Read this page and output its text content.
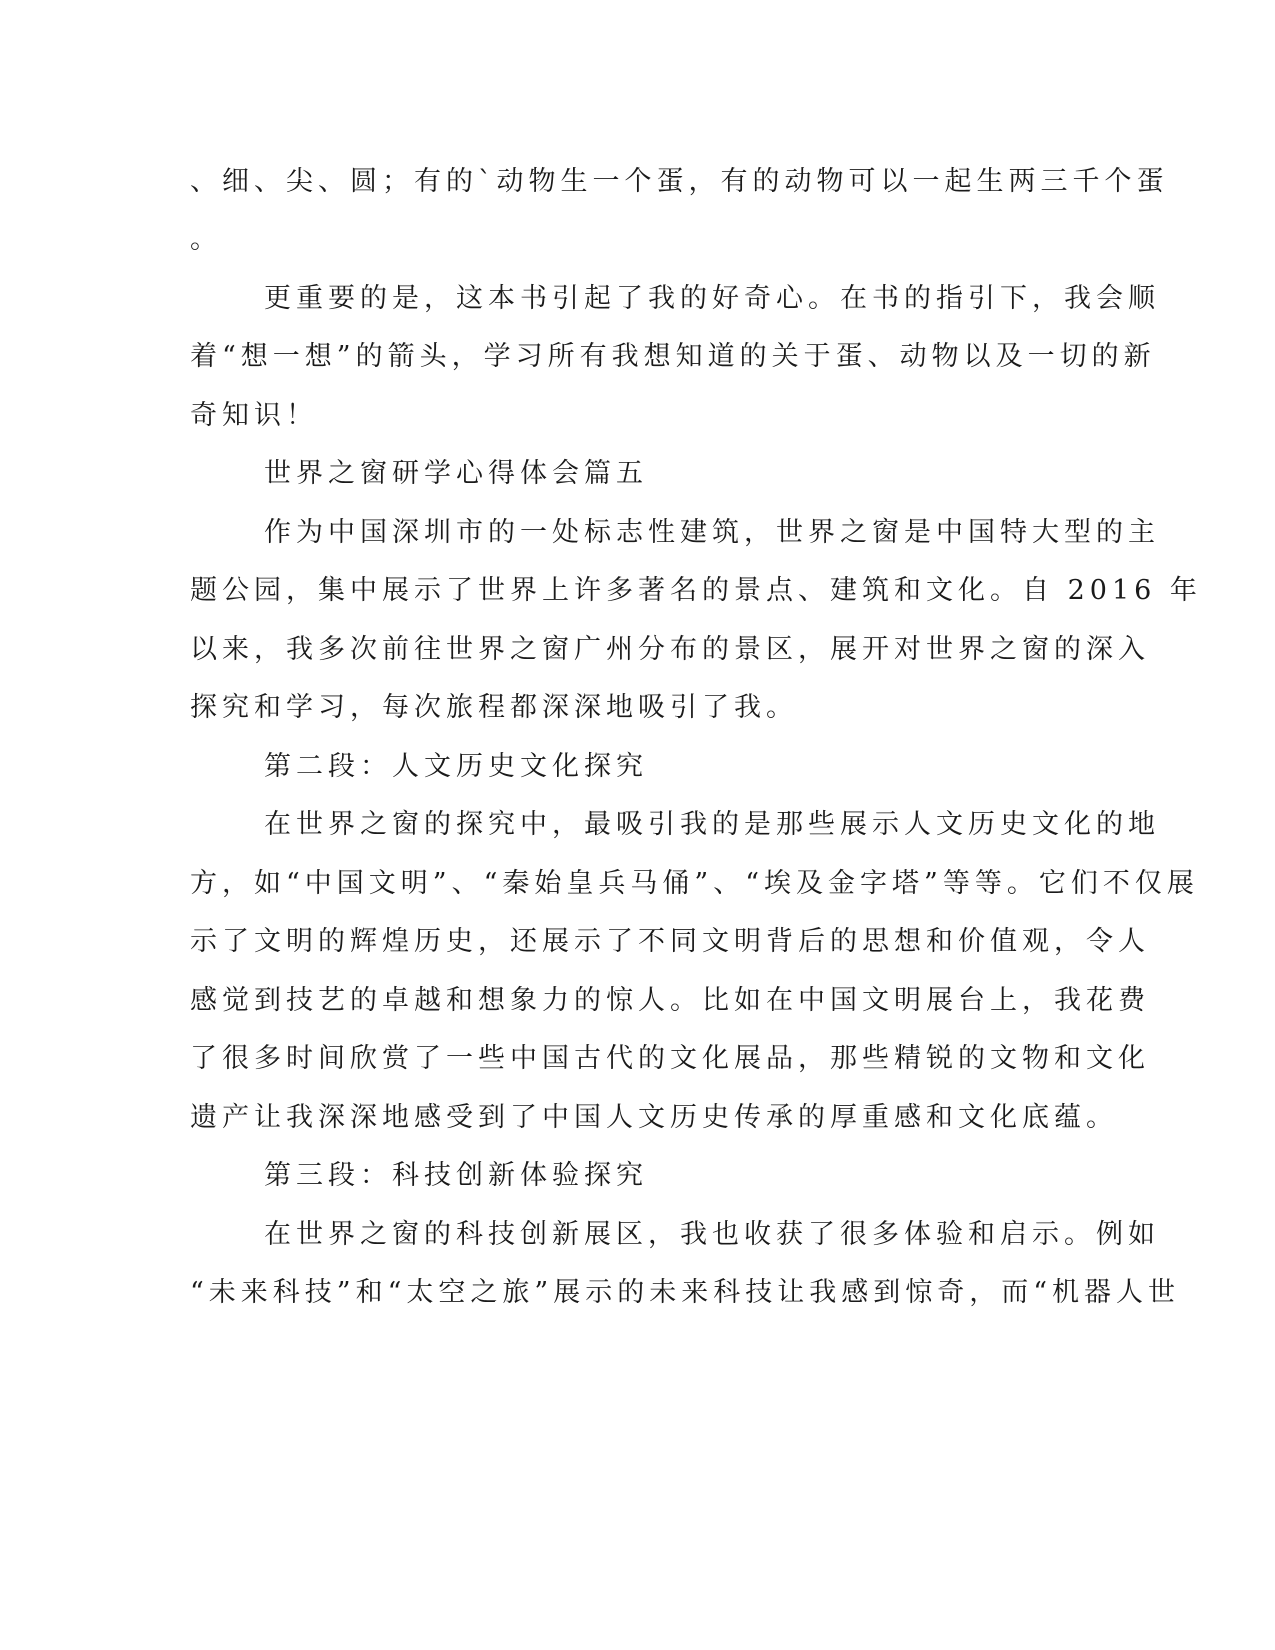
、细、尖、圆；有的`动物生一个蛋，有的动物可以一起生两三千个蛋
。
更重要的是，这本书引起了我的好奇心。在书的指引下，我会顺
着“想一想”的箭头，学习所有我想知道的关于蛋、动物以及一切的新
奇知识！
世界之窗研学心得体会篇五
作为中国深圳市的一处标志性建筑，世界之窗是中国特大型的主
题公园，集中展示了世界上许多著名的景点、建筑和文化。自 2016 年
以来，我多次前往世界之窗广州分布的景区，展开对世界之窗的深入
探究和学习，每次旅程都深深地吸引了我。
第二段：人文历史文化探究
在世界之窗的探究中，最吸引我的是那些展示人文历史文化的地
方，如“中国文明”、“秦始皇兵马俑”、“埃及金字塔”等等。它们不仅展
示了文明的辉煌历史，还展示了不同文明背后的思想和价值观，令人
感觉到技艺的卓越和想象力的惊人。比如在中国文明展台上，我花费
了很多时间欣赏了一些中国古代的文化展品，那些精锐的文物和文化
遗产让我深深地感受到了中国人文历史传承的厚重感和文化底蕴。
第三段：科技创新体验探究
在世界之窗的科技创新展区，我也收获了很多体验和启示。例如
“未来科技”和“太空之旅”展示的未来科技让我感到惊奇，而“机器人世
